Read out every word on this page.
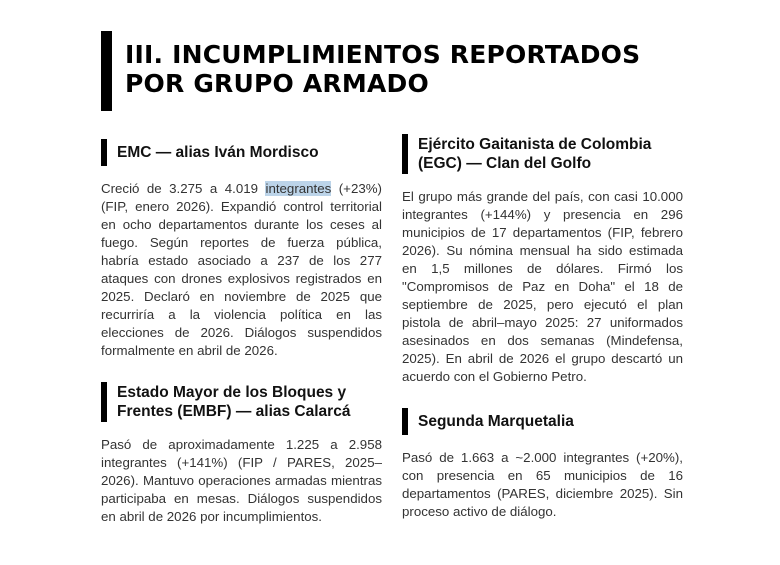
III. INCUMPLIMIENTOS REPORTADOS
POR GRUPO ARMADO
EMC — alias Iván Mordisco

Creció de 3.275 a 4.019 integrantes (+23%) (FIP, enero 2026). Expandió control territorial en ocho departamentos durante los ceses al fuego. Según reportes de fuerza pública, habría estado asociado a 237 de los 277 ataques con drones explosivos registrados en 2025. Declaró en noviembre de 2025 que recurriría a la violencia política en las elecciones de 2026. Diálogos suspendidos formalmente en abril de 2026.

Estado Mayor de los Bloques y
Frentes (EMBF) — alias Calarcá

Pasó de aproximadamente 1.225 a 2.958 integrantes (+141%) (FIP / PARES, 2025–2026). Mantuvo operaciones armadas mientras participaba en mesas. Diálogos suspendidos en abril de 2026 por incumplimientos.

Ejército Gaitanista de Colombia
(EGC) — Clan del Golfo

El grupo más grande del país, con casi 10.000 integrantes (+144%) y presencia en 296 municipios de 17 departamentos (FIP, febrero 2026). Su nómina mensual ha sido estimada en 1,5 millones de dólares. Firmó los "Compromisos de Paz en Doha" el 18 de septiembre de 2025, pero ejecutó el plan pistola de abril–mayo 2025: 27 uniformados asesinados en dos semanas (Mindefensa, 2025). En abril de 2026 el grupo descartó un acuerdo con el Gobierno Petro.

Segunda Marquetalia

Pasó de 1.663 a ~2.000 integrantes (+20%), con presencia en 65 municipios de 16 departamentos (PARES, diciembre 2025). Sin proceso activo de diálogo.
